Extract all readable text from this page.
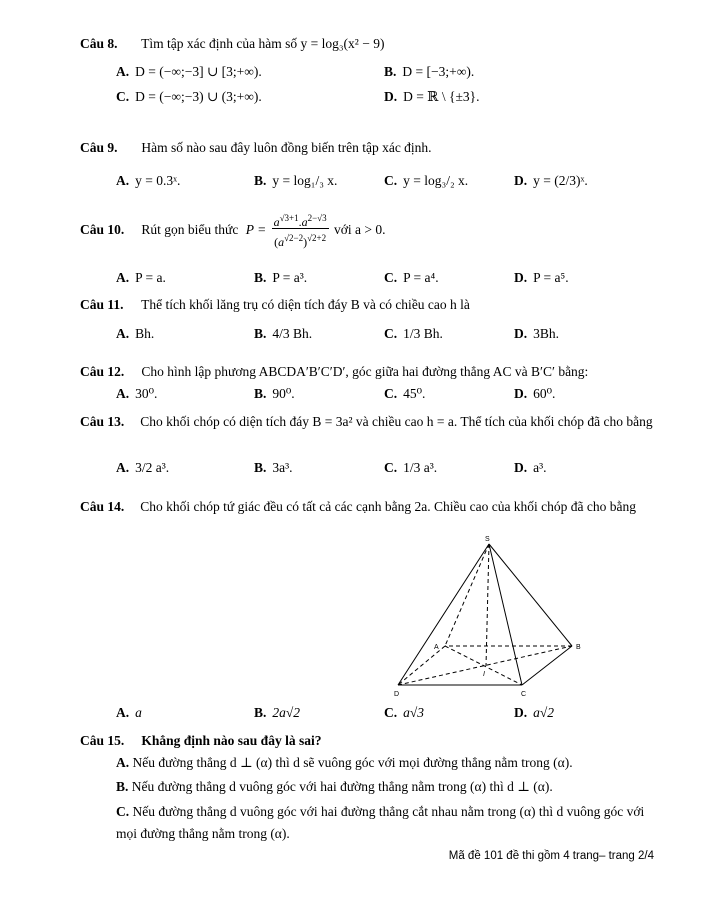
Câu 8. Tìm tập xác định của hàm số y = log₃(x² − 9)
A. D = (−∞;−3] ∪ [3;+∞).	B. D = [−3;+∞).
C. D = (−∞;−3) ∪ (3;+∞).	D. D = ℝ \ {±3}.
Câu 9. Hàm số nào sau đây luôn đồng biến trên tập xác định.
A. y = 0.3ˣ.	B. y = log₁/₃ x.	C. y = log₃/₂ x.	D. y = (2/3)ˣ.
Câu 10. Rút gọn biểu thức $P = \frac{a^{√3+1}.a^{2-√3}}{(a^{√2-2})^{√2+2}}$ với a > 0.
A. P = a.	B. P = a³.	C. P = a⁴.	D. P = a⁵.
Câu 11. Thể tích khối lăng trụ có diện tích đáy B và có chiều cao h là
A. Bh.	B. 4/3 Bh.	C. 1/3 Bh.	D. 3Bh.
Câu 12. Cho hình lập phương ABCDA′B′C′D′, góc giữa hai đường thẳng AC và B′C′ bằng:
A. 30⁰.	B. 90⁰.	C. 45⁰.	D. 60⁰.
Câu 13. Cho khối chóp có diện tích đáy B = 3a² và chiều cao h = a. Thể tích của khối chóp đã cho bằng
A. 3/2 a³.	B. 3a³.	C. 1/3 a³.	D. a³.
Câu 14. Cho khối chóp tứ giác đều có tất cả các cạnh bằng 2a. Chiều cao của khối chóp đã cho bằng
S
A	B
C
D
I
A. a	B. 2a√2	C. a√3	D. a√2
Câu 15. Khẳng định nào sau đây là sai?
A. Nếu đường thẳng d ⊥ (α) thì d sẽ vuông góc với mọi đường thẳng nằm trong (α).
B. Nếu đường thẳng d vuông góc với hai đường thẳng nằm trong (α) thì d ⊥ (α).
C. Nếu đường thẳng d vuông góc với hai đường thẳng cắt nhau nằm trong (α) thì d vuông góc với mọi đường thẳng nằm trong (α).
Mã đề 101 đề thi gồm 4 trang– trang 2/4
